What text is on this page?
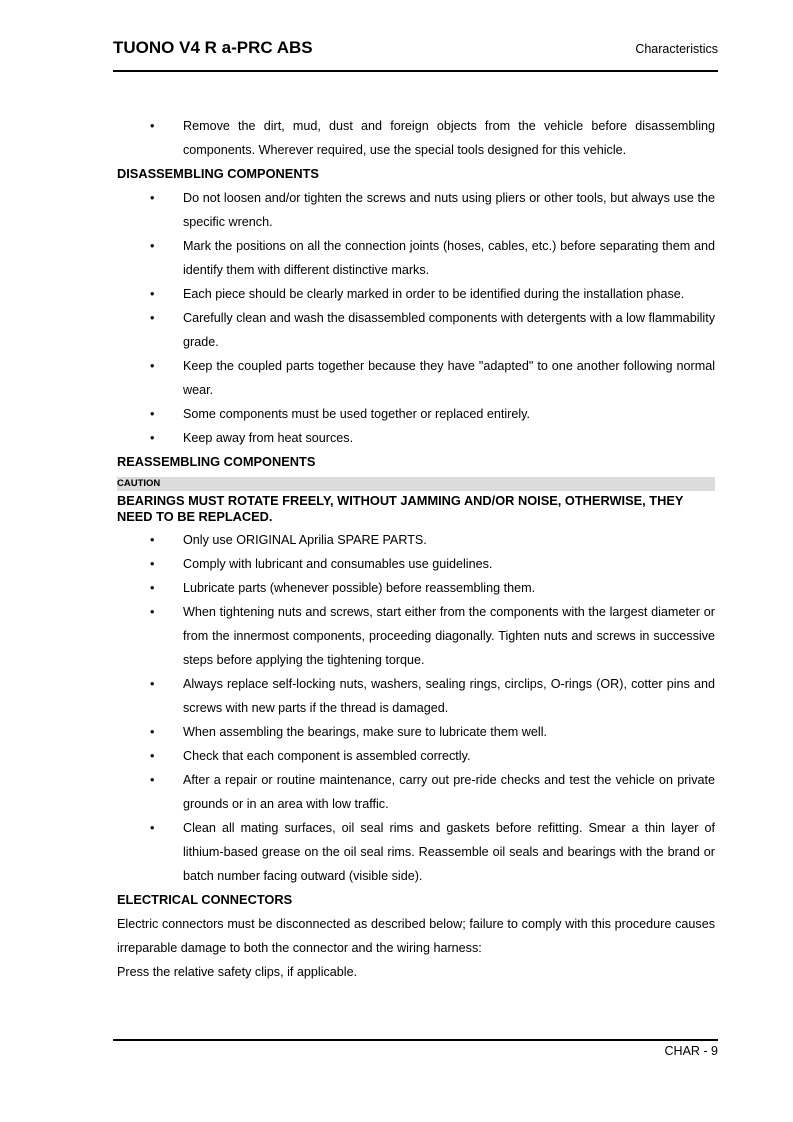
TUONO V4 R a-PRC ABS	Characteristics
• Remove the dirt, mud, dust and foreign objects from the vehicle before disassembling components. Wherever required, use the special tools designed for this vehicle.
DISASSEMBLING COMPONENTS
• Do not loosen and/or tighten the screws and nuts using pliers or other tools, but always use the specific wrench.
• Mark the positions on all the connection joints (hoses, cables, etc.) before separating them and identify them with different distinctive marks.
• Each piece should be clearly marked in order to be identified during the installation phase.
• Carefully clean and wash the disassembled components with detergents with a low flammability grade.
• Keep the coupled parts together because they have "adapted" to one another following normal wear.
• Some components must be used together or replaced entirely.
• Keep away from heat sources.
REASSEMBLING COMPONENTS
CAUTION
BEARINGS MUST ROTATE FREELY, WITHOUT JAMMING AND/OR NOISE, OTHERWISE, THEY NEED TO BE REPLACED.
• Only use ORIGINAL Aprilia SPARE PARTS.
• Comply with lubricant and consumables use guidelines.
• Lubricate parts (whenever possible) before reassembling them.
• When tightening nuts and screws, start either from the components with the largest diameter or from the innermost components, proceeding diagonally. Tighten nuts and screws in successive steps before applying the tightening torque.
• Always replace self-locking nuts, washers, sealing rings, circlips, O-rings (OR), cotter pins and screws with new parts if the thread is damaged.
• When assembling the bearings, make sure to lubricate them well.
• Check that each component is assembled correctly.
• After a repair or routine maintenance, carry out pre-ride checks and test the vehicle on private grounds or in an area with low traffic.
• Clean all mating surfaces, oil seal rims and gaskets before refitting. Smear a thin layer of lithium-based grease on the oil seal rims. Reassemble oil seals and bearings with the brand or batch number facing outward (visible side).
ELECTRICAL CONNECTORS

Electric connectors must be disconnected as described below; failure to comply with this procedure causes irreparable damage to both the connector and the wiring harness:

Press the relative safety clips, if applicable.

CHAR - 9
